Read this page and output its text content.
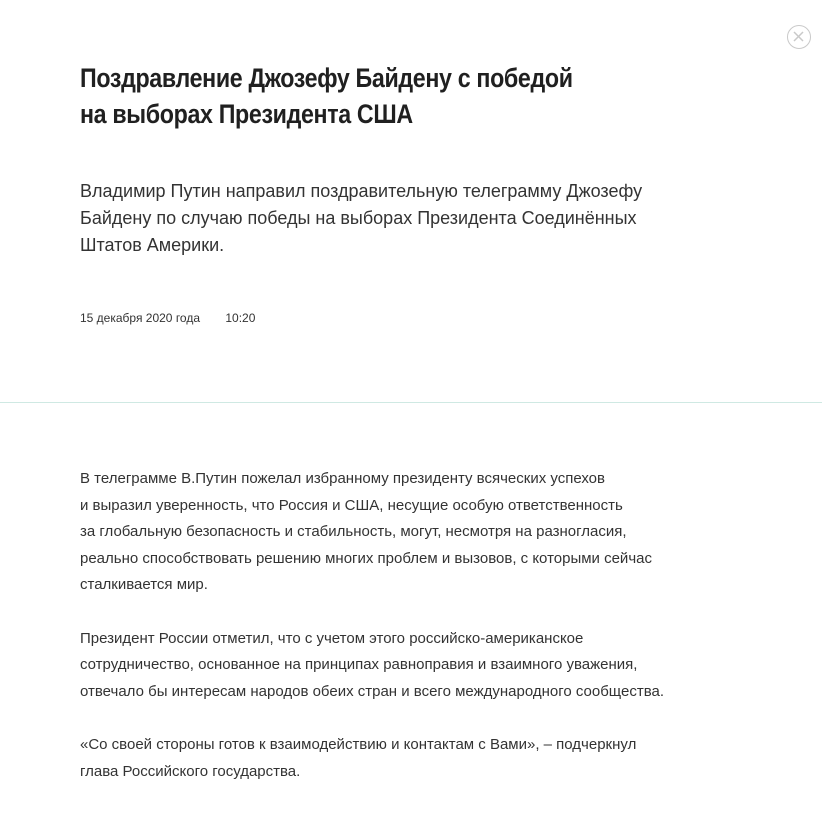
Поздравление Джозефу Байдену с победой
на выборах Президента США

Владимир Путин направил поздравительную телеграмму Джозефу
Байдену по случаю победы на выборах Президента Соединённых
Штатов Америки.

15 декабря 2020 года 10:20

В телеграмме В.Путин пожелал избранному президенту всяческих успехов
и выразил уверенность, что Россия и США, несущие особую ответственность
за глобальную безопасность и стабильность, могут, несмотря на разногласия,
реально способствовать решению многих проблем и вызовов, с которыми сейчас
сталкивается мир.

Президент России отметил, что с учетом этого российско-американское
сотрудничество, основанное на принципах равноправия и взаимного уважения,
отвечало бы интересам народов обеих стран и всего международного сообщества.

«Со своей стороны готов к взаимодействию и контактам с Вами», – подчеркнул
глава Российского государства.
